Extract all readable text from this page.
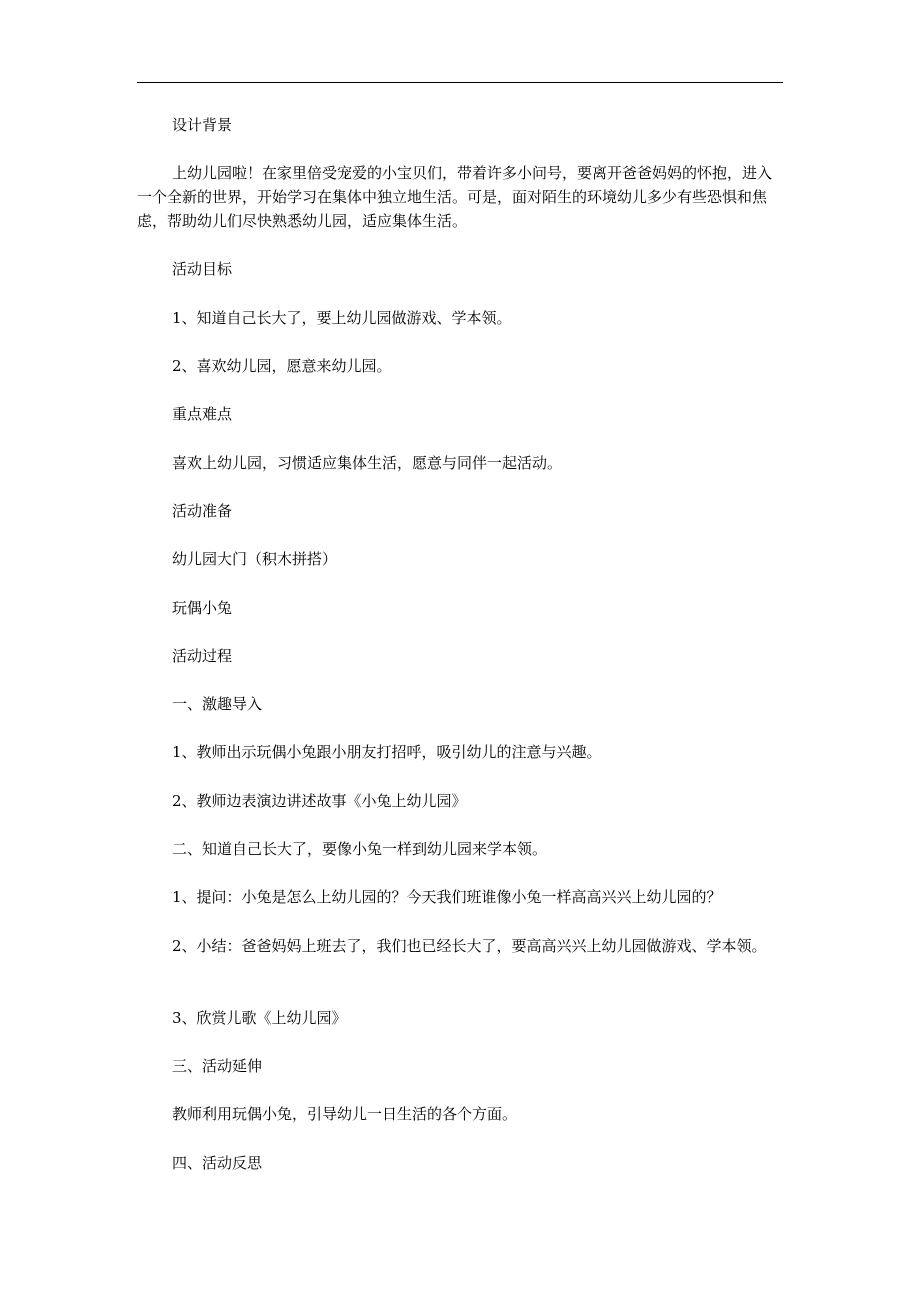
设计背景

上幼儿园啦！在家里倍受宠爱的小宝贝们，带着许多小问号，要离开爸爸妈妈的怀抱，进入一个全新的世界，开始学习在集体中独立地生活。可是，面对陌生的环境幼儿多少有些恐惧和焦虑，帮助幼儿们尽快熟悉幼儿园，适应集体生活。

活动目标

1、知道自己长大了，要上幼儿园做游戏、学本领。

2、喜欢幼儿园，愿意来幼儿园。

重点难点

喜欢上幼儿园，习惯适应集体生活，愿意与同伴一起活动。

活动准备

幼儿园大门（积木拼搭）

玩偶小兔

活动过程

一、激趣导入

1、教师出示玩偶小兔跟小朋友打招呼，吸引幼儿的注意与兴趣。

2、教师边表演边讲述故事《小兔上幼儿园》

二、知道自己长大了，要像小兔一样到幼儿园来学本领。

1、提问：小兔是怎么上幼儿园的？今天我们班谁像小兔一样高高兴兴上幼儿园的？

2、小结：爸爸妈妈上班去了，我们也已经长大了，要高高兴兴上幼儿园做游戏、学本领。

3、欣赏儿歌《上幼儿园》

三、活动延伸

教师利用玩偶小兔，引导幼儿一日生活的各个方面。

四、活动反思
